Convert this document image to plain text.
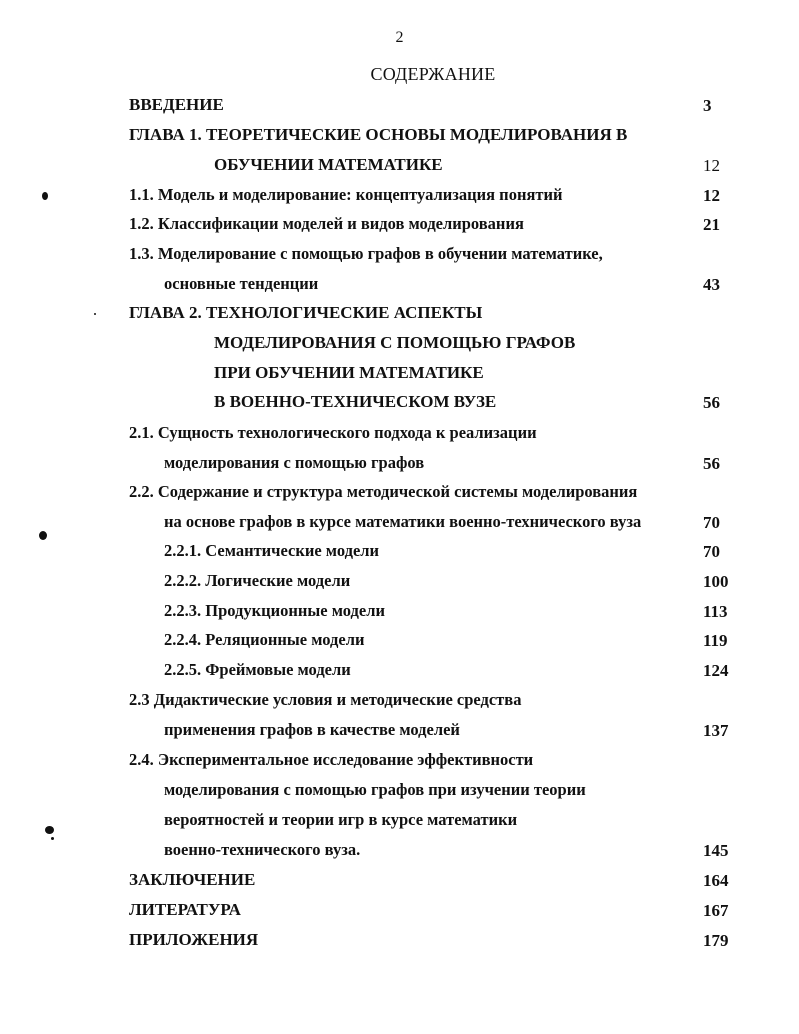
2
СОДЕРЖАНИЕ
ВВЕДЕНИЕ	3
ГЛАВА 1. ТЕОРЕТИЧЕСКИЕ ОСНОВЫ МОДЕЛИРОВАНИЯ В
ОБУЧЕНИИ МАТЕМАТИКЕ	12
1.1. Модель и моделирование: концептуализация понятий	12
1.2. Классификации моделей и видов моделирования	21
1.3. Моделирование с помощью графов в обучении математике,
основные тенденции	43
ГЛАВА 2. ТЕХНОЛОГИЧЕСКИЕ АСПЕКТЫ
МОДЕЛИРОВАНИЯ С ПОМОЩЬЮ ГРАФОВ
ПРИ ОБУЧЕНИИ МАТЕМАТИКЕ
В ВОЕННО-ТЕХНИЧЕСКОМ ВУЗЕ	56
2.1. Сущность технологического подхода к реализации
моделирования с помощью графов	56
2.2. Содержание и структура методической системы моделирования
на основе графов в курсе математики военно-технического вуза	70
2.2.1. Семантические модели	70
2.2.2. Логические модели	100
2.2.3. Продукционные модели	113
2.2.4. Реляционные модели	119
2.2.5. Фреймовые модели	124
2.3 Дидактические условия и методические средства
применения графов в качестве моделей	137
2.4. Экспериментальное исследование эффективности
моделирования с помощью графов при изучении теории
вероятностей и теории игр в курсе математики
военно-технического вуза.	145
ЗАКЛЮЧЕНИЕ	164
ЛИТЕРАТУРА	167
ПРИЛОЖЕНИЯ	179
